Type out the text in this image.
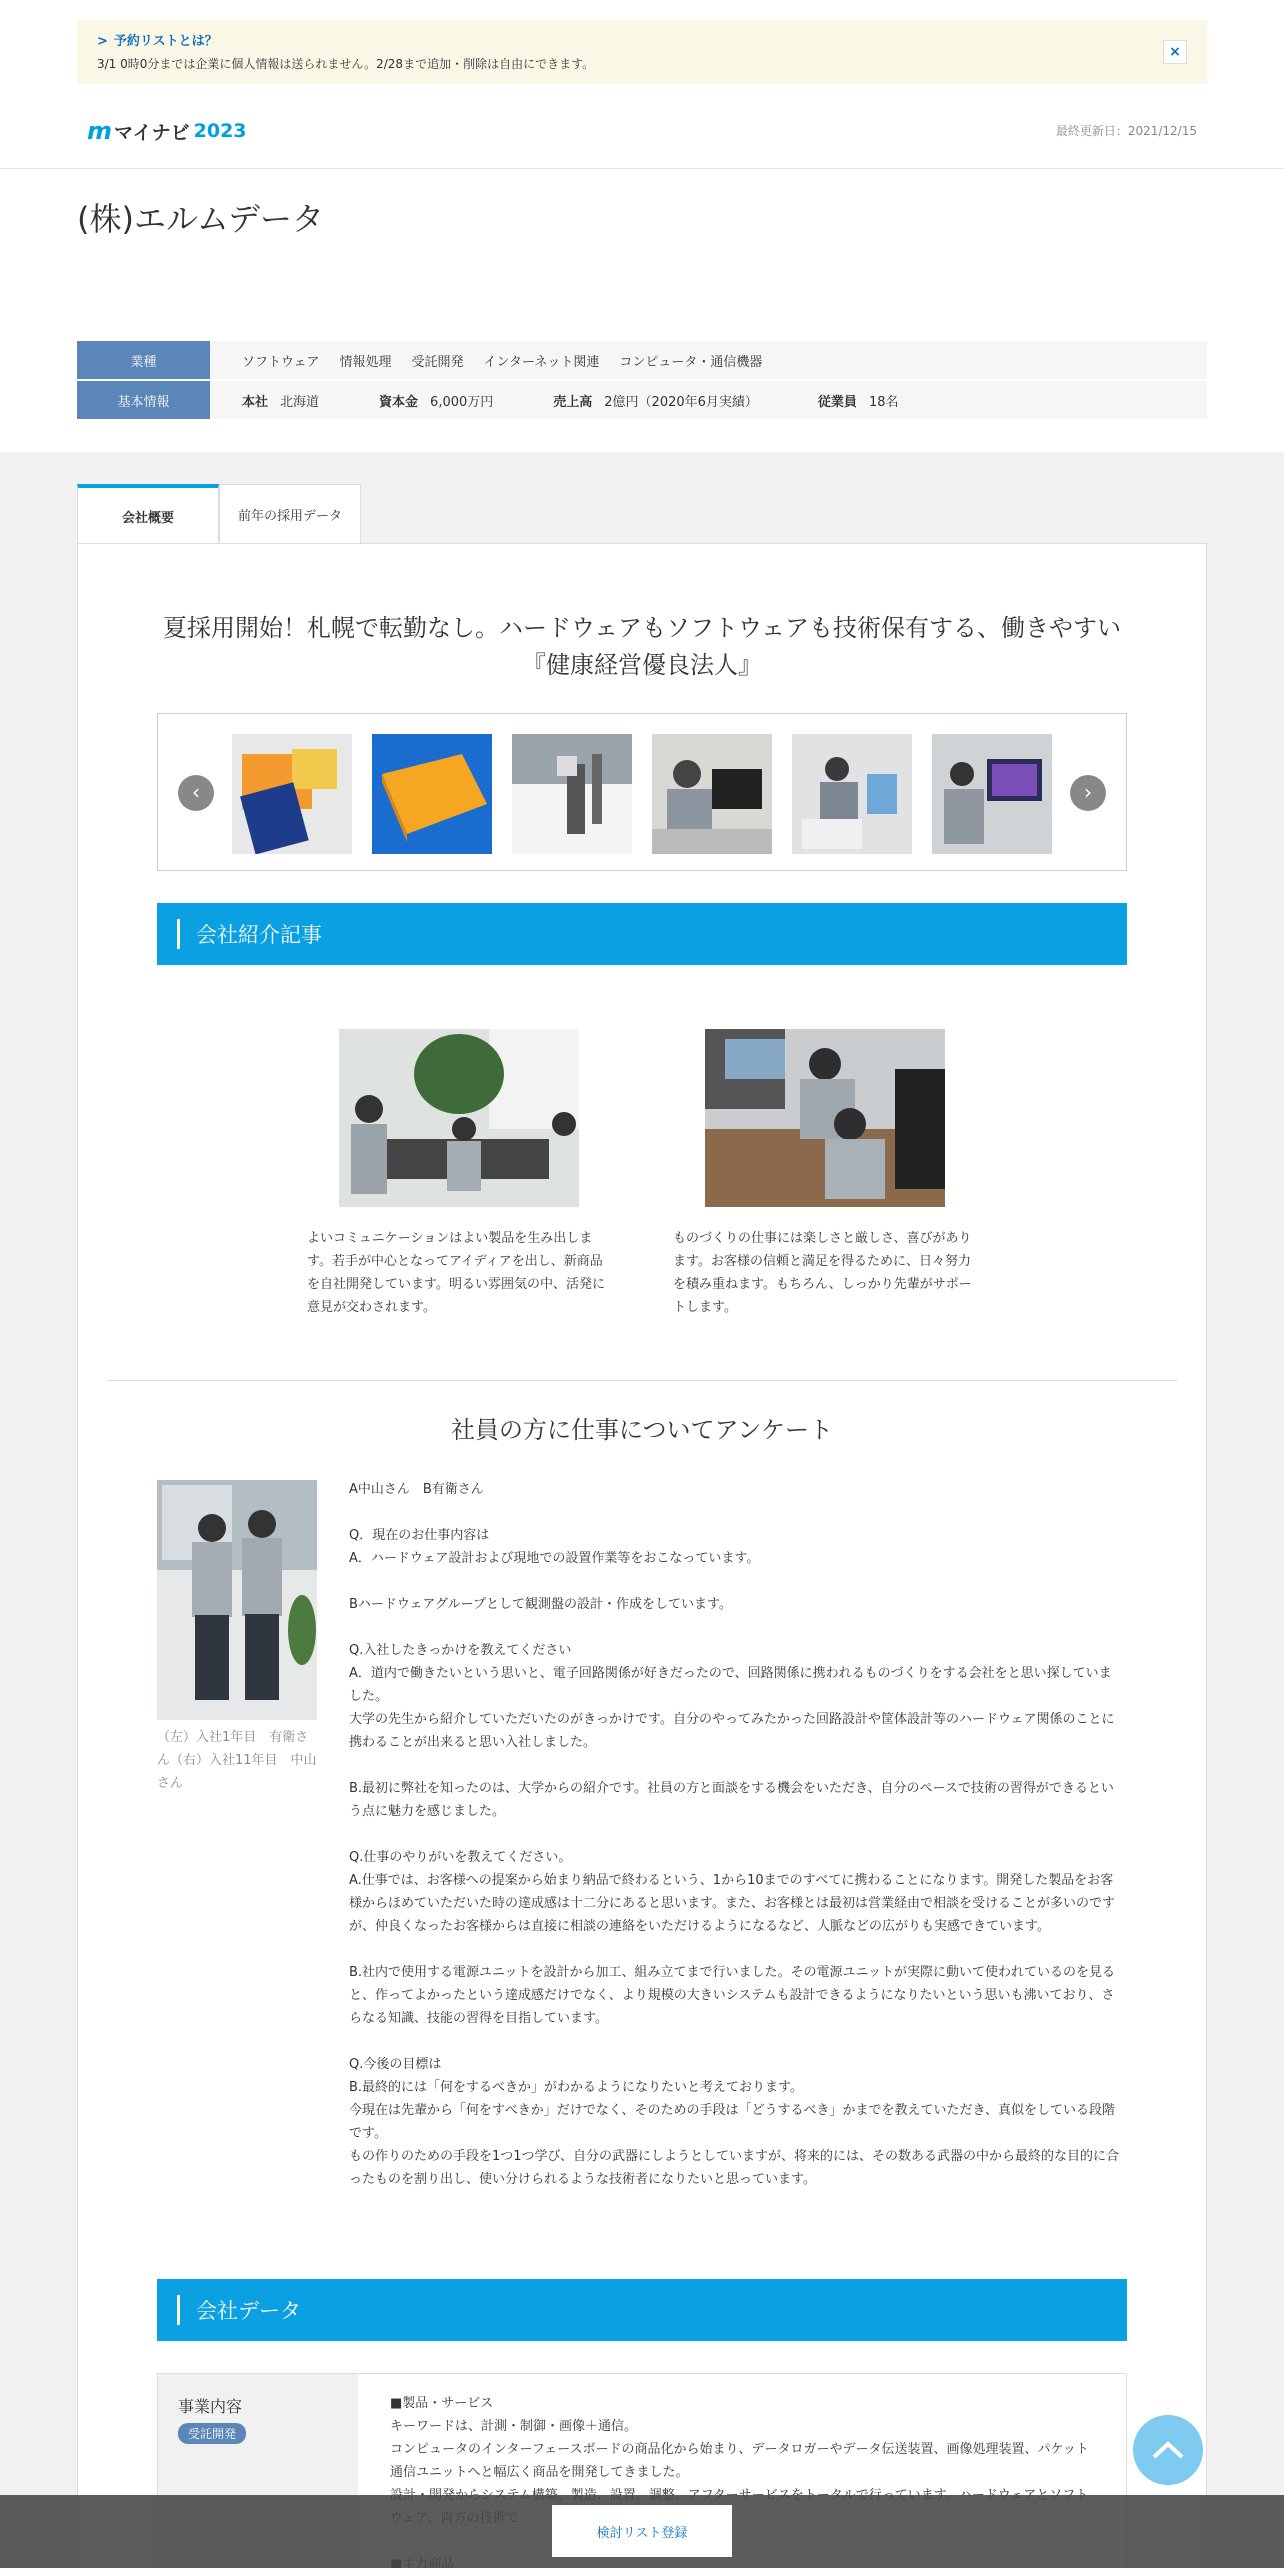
> 予約リストとは？
3/1 0時0分までは企業に個人情報は送られません。2/28まで追加・削除は自由にできます。
×
m マイナビ 2023	最終更新日：2021/12/15
(株)エルムデータ
業種	ソフトウェア 情報処理 受託開発 インターネット関連 コンピュータ・通信機器
基本情報	本社 北海道	資本金 6,000万円	売上高 2億円（2020年6月実績）	従業員 18名
会社概要	前年の採用データ
夏採用開始！札幌で転勤なし。ハードウェアもソフトウェアも技術保有する、働きやすい『健康経営優良法人』
‹	›
会社紹介記事
よいコミュニケーションはよい製品を生み出します。若手が中心となってアイディアを出し、新商品を自社開発しています。明るい雰囲気の中、活発に意見が交わされます。
ものづくりの仕事には楽しさと厳しさ、喜びがあります。お客様の信頼と満足を得るために、日々努力を積み重ねます。もちろん、しっかり先輩がサポートします。
社員の方に仕事についてアンケート
（左）入社1年目　有衛さん（右）入社11年目　中山さん

A中山さん　B有衛さん

Q．現在のお仕事内容は

A．ハードウェア設計および現地での設置作業等をおこなっています。

Bハードウェアグループとして観測盤の設計・作成をしています。

Q.入社したきっかけを教えてください

A．道内で働きたいという思いと、電子回路関係が好きだったので、回路関係に携われるものづくりをする会社をと思い探していました。

大学の先生から紹介していただいたのがきっかけです。自分のやってみたかった回路設計や筐体設計等のハードウェア関係のことに携わることが出来ると思い入社しました。

B.最初に弊社を知ったのは、大学からの紹介です。社員の方と面談をする機会をいただき、自分のペースで技術の習得ができるという点に魅力を感じました。

Q.仕事のやりがいを教えてください。

A.仕事では、お客様への提案から始まり納品で終わるという、1から10までのすべてに携わることになります。開発した製品をお客様からほめていただいた時の達成感は十二分にあると思います。また、お客様とは最初は営業経由で相談を受けることが多いのですが、仲良くなったお客様からは直接に相談の連絡をいただけるようになるなど、人脈などの広がりも実感できています。

B.社内で使用する電源ユニットを設計から加工、組み立てまで行いました。その電源ユニットが実際に動いて使われているのを見ると、作ってよかったという達成感だけでなく、より規模の大きいシステムも設計できるようになりたいという思いも沸いており、さらなる知識、技能の習得を目指しています。

Q.今後の目標は

B.最終的には「何をするべきか」がわかるようになりたいと考えております。

今現在は先輩から「何をすべきか」だけでなく、そのための手段は「どうするべき」かまでを教えていただき、真似をしている段階です。

もの作りのための手段を1つ1つ学び、自分の武器にしようとしていますが、将来的には、その数ある武器の中から最終的な目的に合ったものを割り出し、使い分けられるような技術者になりたいと思っています。

会社データ
事業内容
受託開発

■製品・サービス

キーワードは、計測・制御・画像＋通信。

コンピュータのインターフェースボードの商品化から始まり、データロガーやデータ伝送装置、画像処理装置、パケット通信ユニットへと幅広く商品を開発してきました。

検討リスト登録
